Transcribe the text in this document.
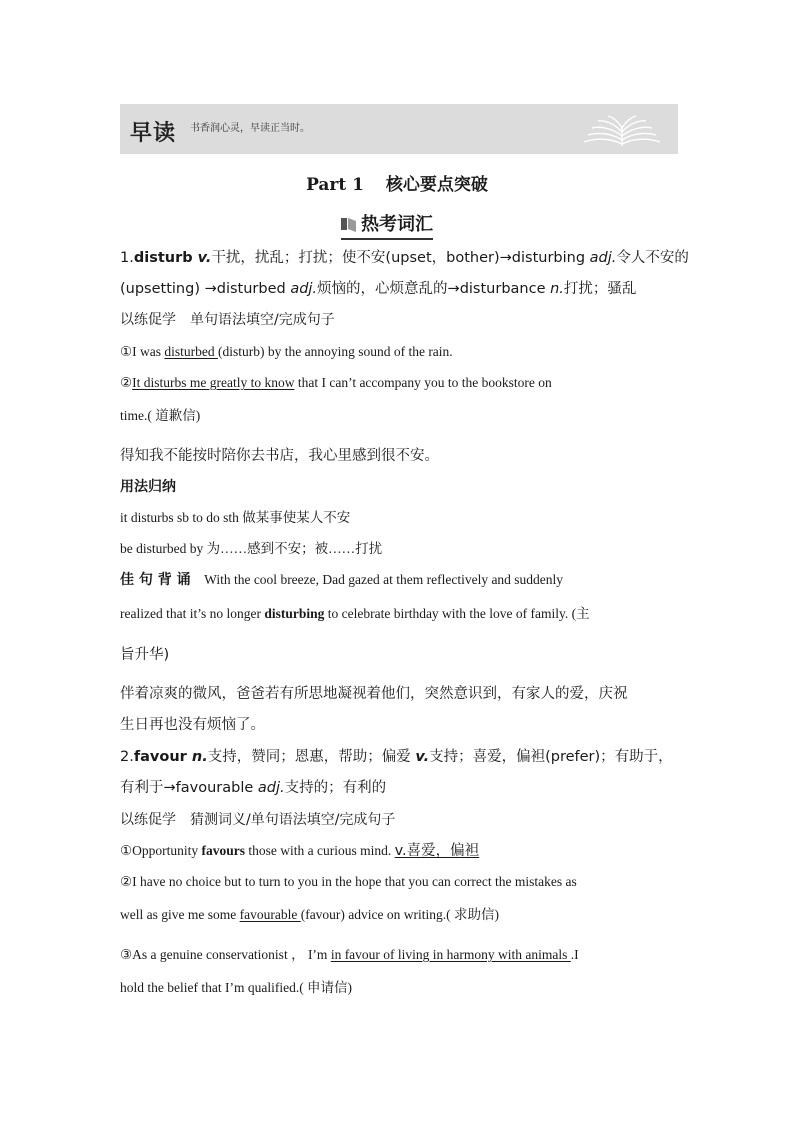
早读 书香润心灵，早读正当时。
Part 1 核心要点突破
热考词汇
1.disturb v.干扰，扰乱；打扰；使不安(upset，bother)→disturbing adj.令人不安的
(upsetting) →disturbed adj.烦恼的，心烦意乱的→disturbance n.打扰；骚乱
以练促学　单句语法填空/完成句子
①I was disturbed (disturb) by the annoying sound of the rain.
②It disturbs me greatly to know that I can’t accompany you to the bookstore on
time.( 道歉信)
得知我不能按时陪你去书店，我心里感到很不安。
用法归纳
it disturbs sb to do sth 做某事使某人不安
be disturbed by 为……感到不安；被……打扰
佳 句 背 诵　With the cool breeze, Dad gazed at them reflectively and suddenly
realized that it’s no longer disturbing to celebrate birthday with the love of family. (主
旨升华)
伴着凉爽的微风，爸爸若有所思地凝视着他们，突然意识到，有家人的爱，庆祝
生日再也没有烦恼了。
2.favour n.支持，赞同；恩惠，帮助；偏爱 v.支持；喜爱，偏袒(prefer)；有助于，
有利于→favourable adj.支持的；有利的
以练促学　猜测词义/单句语法填空/完成句子
①Opportunity favours those with a curious mind. v.喜爱，偏袒
②I have no choice but to turn to you in the hope that you can correct the mistakes as
well as give me some favourable (favour) advice on writing.( 求助信)
③As a genuine conservationist ， I’m in favour of living in harmony with animals .I
hold the belief that I’m qualified.( 申请信)
